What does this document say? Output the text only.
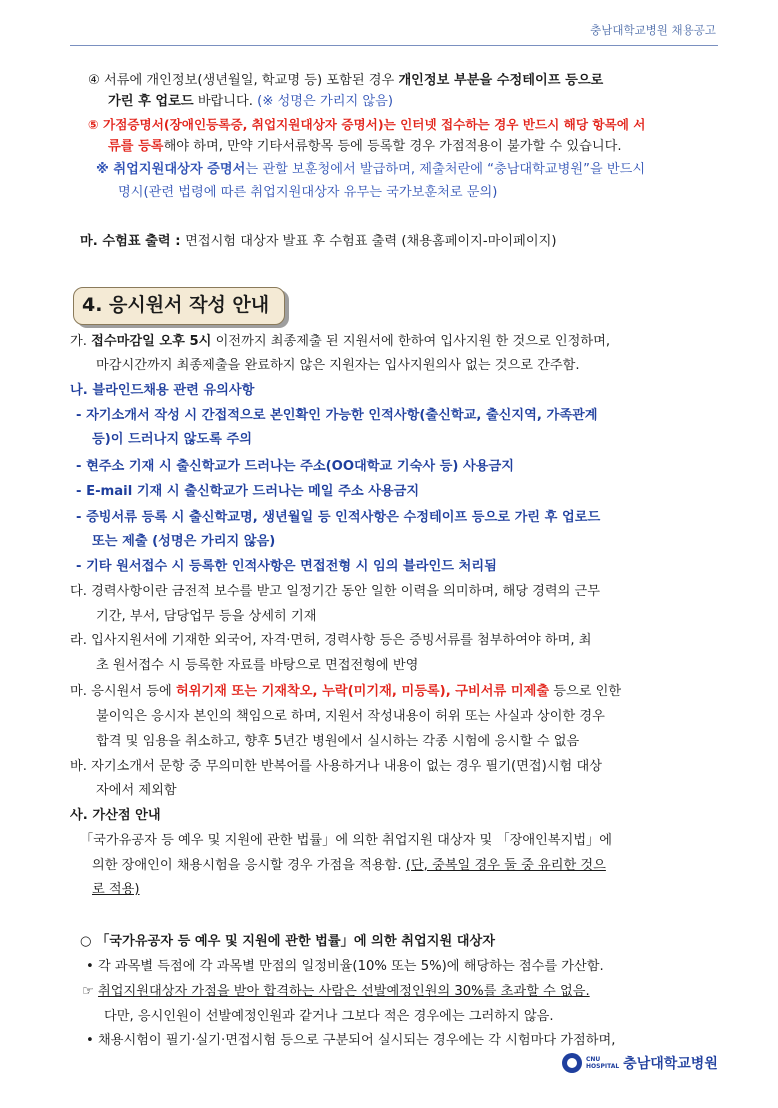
충남대학교병원 채용공고
④ 서류에 개인정보(생년월일, 학교명 등) 포함된 경우 개인정보 부분을 수정테이프 등으로
가린 후 업로드 바랍니다. (※ 성명은 가리지 않음)
⑤ 가점증명서(장애인등록증, 취업지원대상자 증명서)는 인터넷 접수하는 경우 반드시 해당 항목에 서
류를 등록해야 하며, 만약 기타서류항목 등에 등록할 경우 가점적용이 불가할 수 있습니다.
※ 취업지원대상자 증명서는 관할 보훈청에서 발급하며, 제출처란에 “충남대학교병원”을 반드시
명시(관련 법령에 따른 취업지원대상자 유무는 국가보훈처로 문의)
마. 수험표 출력 : 면접시험 대상자 발표 후 수험표 출력 (채용홈페이지-마이페이지)
4. 응시원서 작성 안내
가. 접수마감일 오후 5시 이전까지 최종제출 된 지원서에 한하여 입사지원 한 것으로 인정하며,
마감시간까지 최종제출을 완료하지 않은 지원자는 입사지원의사 없는 것으로 간주함.
나. 블라인드채용 관련 유의사항
- 자기소개서 작성 시 간접적으로 본인확인 가능한 인적사항(출신학교, 출신지역, 가족관계
등)이 드러나지 않도록 주의
- 현주소 기재 시 출신학교가 드러나는 주소(OO대학교 기숙사 등) 사용금지
- E-mail 기재 시 출신학교가 드러나는 메일 주소 사용금지
- 증빙서류 등록 시 출신학교명, 생년월일 등 인적사항은 수정테이프 등으로 가린 후 업로드
또는 제출 (성명은 가리지 않음)
- 기타 원서접수 시 등록한 인적사항은 면접전형 시 임의 블라인드 처리됨
다. 경력사항이란 금전적 보수를 받고 일정기간 동안 일한 이력을 의미하며, 해당 경력의 근무
기간, 부서, 담당업무 등을 상세히 기재
라. 입사지원서에 기재한 외국어, 자격·면허, 경력사항 등은 증빙서류를 첨부하여야 하며, 최
초 원서접수 시 등록한 자료를 바탕으로 면접전형에 반영
마. 응시원서 등에 허위기재 또는 기재착오, 누락(미기재, 미등록), 구비서류 미제출 등으로 인한
불이익은 응시자 본인의 책임으로 하며, 지원서 작성내용이 허위 또는 사실과 상이한 경우
합격 및 임용을 취소하고, 향후 5년간 병원에서 실시하는 각종 시험에 응시할 수 없음
바. 자기소개서 문항 중 무의미한 반복어를 사용하거나 내용이 없는 경우 필기(면접)시험 대상
자에서 제외함
사. 가산점 안내
「국가유공자 등 예우 및 지원에 관한 법률」에 의한 취업지원 대상자 및 「장애인복지법」에
의한 장애인이 채용시험을 응시할 경우 가점을 적용함. (단, 중복일 경우 둘 중 유리한 것으
로 적용)
○ 「국가유공자 등 예우 및 지원에 관한 법률」에 의한 취업지원 대상자
• 각 과목별 득점에 각 과목별 만점의 일정비율(10% 또는 5%)에 해당하는 점수를 가산함.
☞ 취업지원대상자 가점을 받아 합격하는 사람은 선발예정인원의 30%를 초과할 수 없음.
다만, 응시인원이 선발예정인원과 같거나 그보다 적은 경우에는 그러하지 않음.
• 채용시험이 필기·실기·면접시험 등으로 구분되어 실시되는 경우에는 각 시험마다 가점하며,
CNU
HOSPITAL 충남대학교병원
